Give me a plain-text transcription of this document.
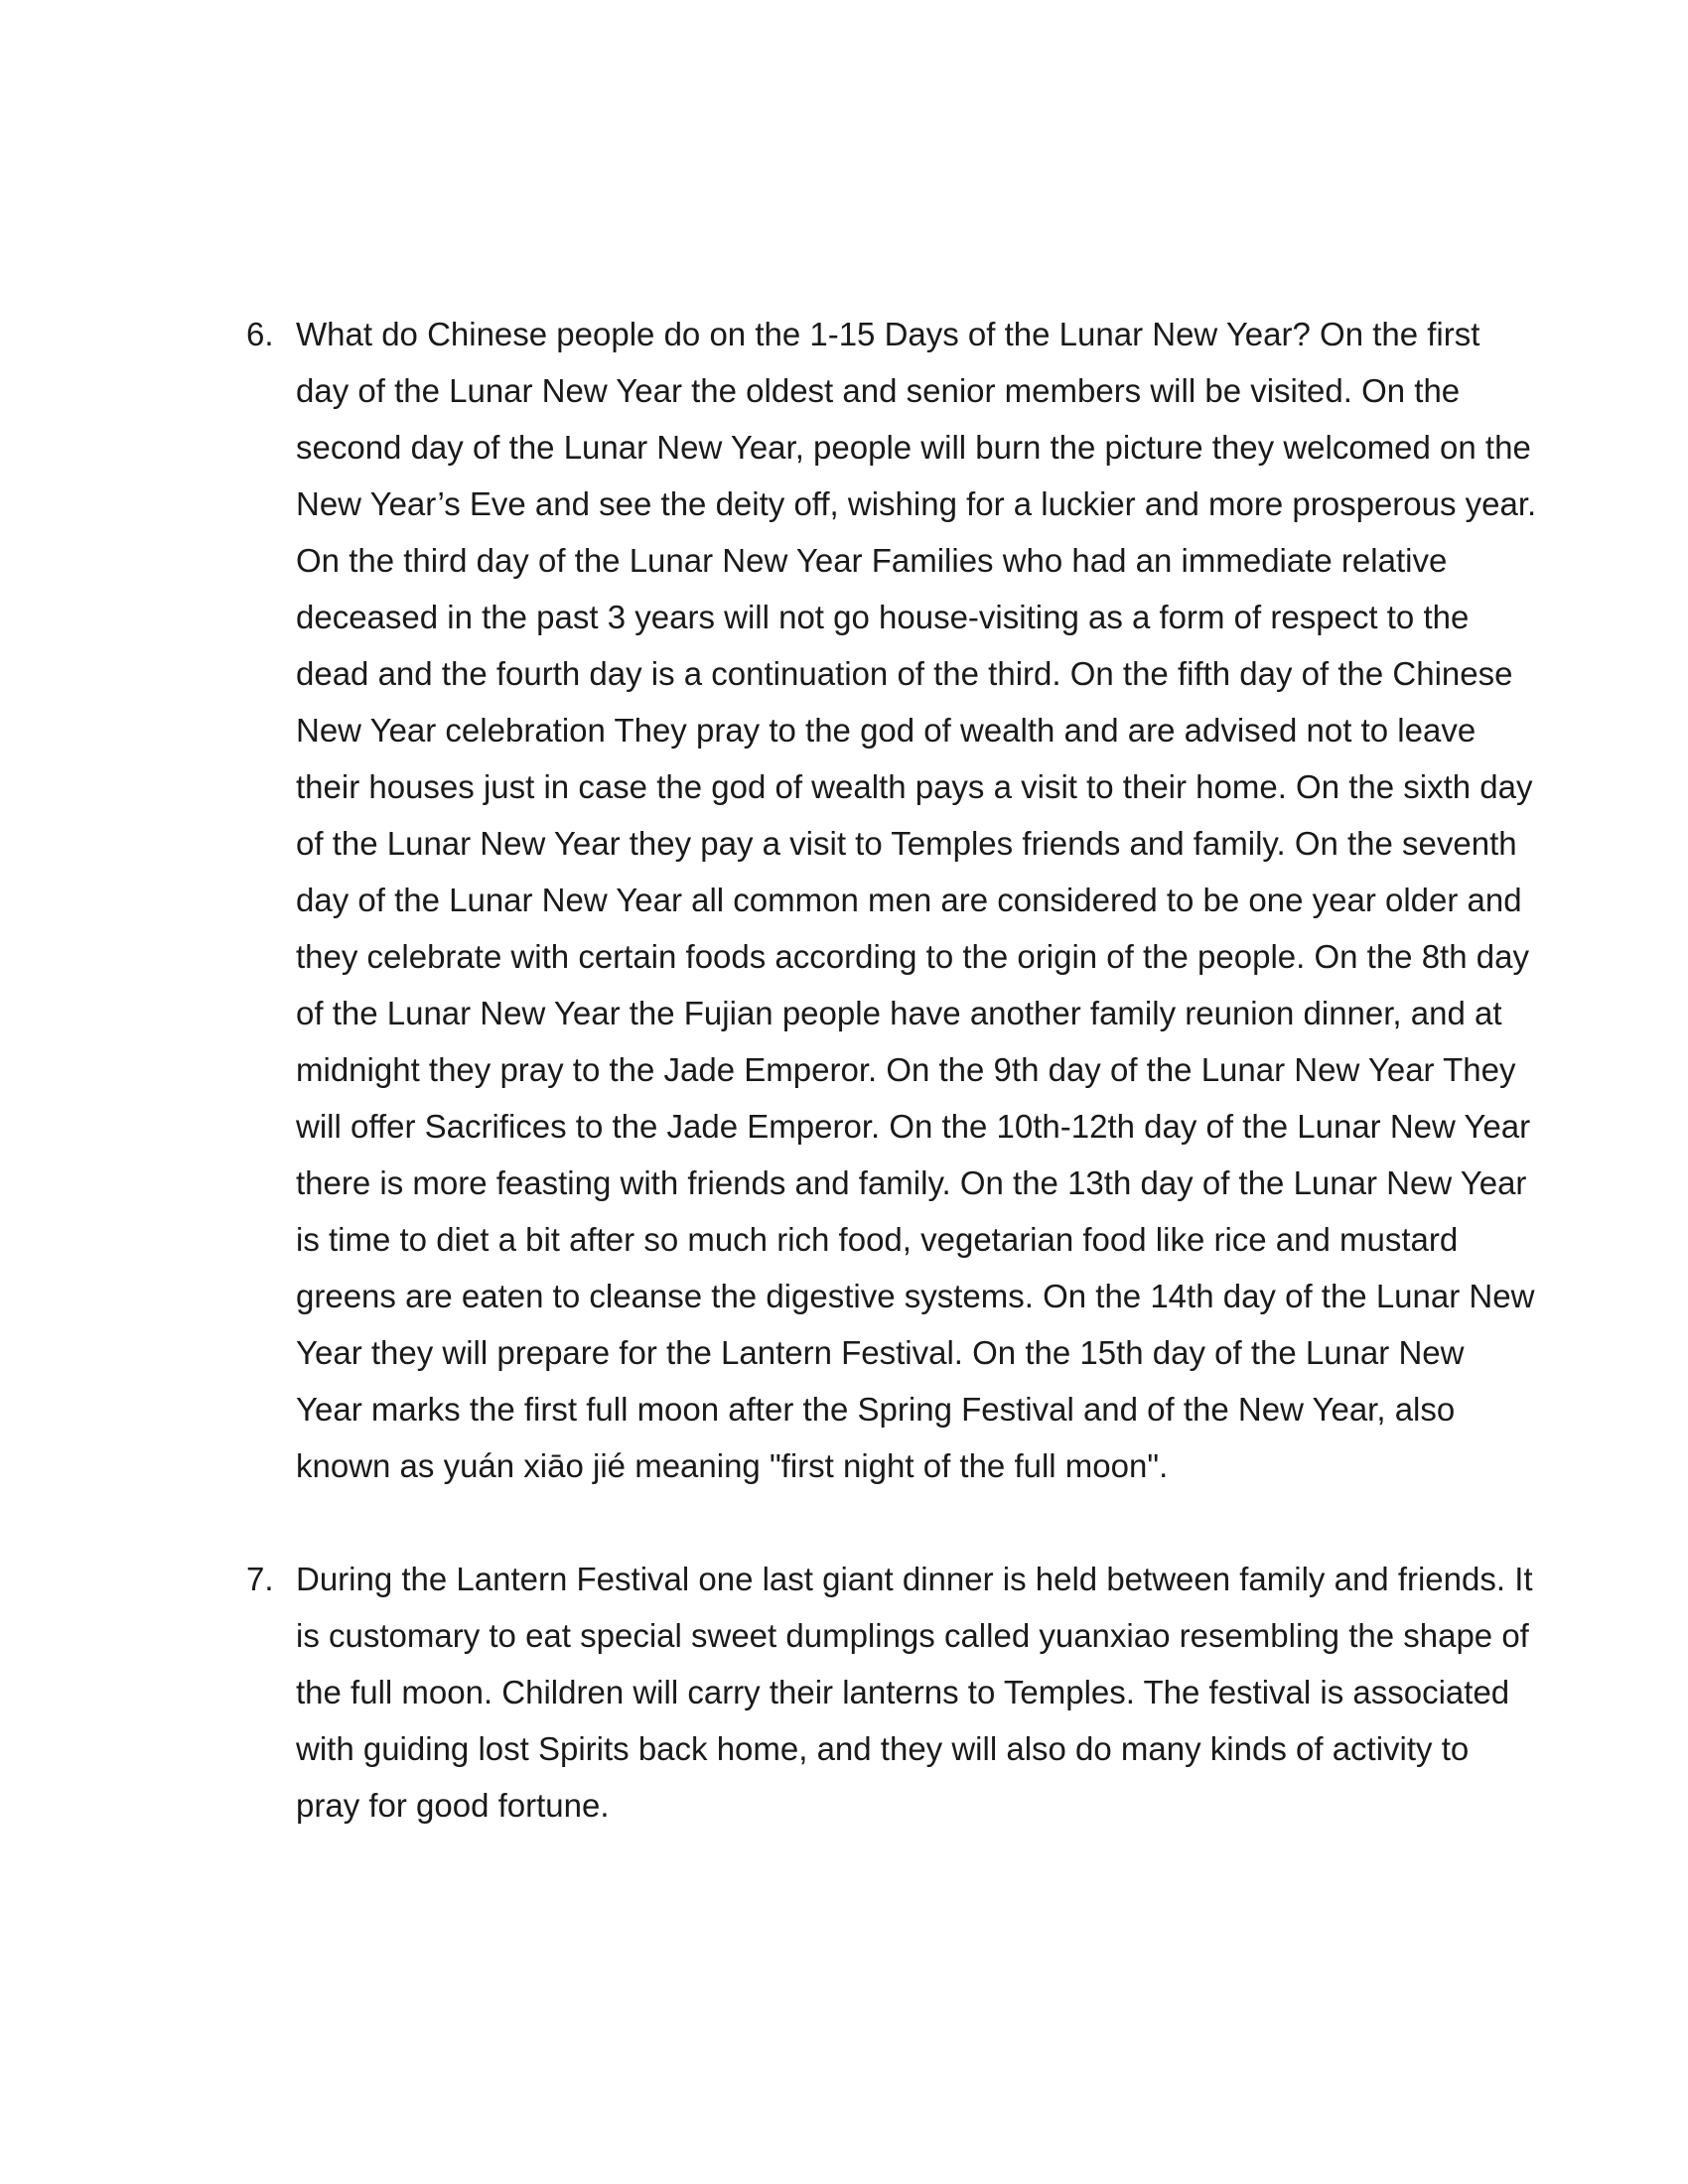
6. What do Chinese people do on the 1-15 Days of the Lunar New Year? On the first day of the Lunar New Year the oldest and senior members will be visited. On the second day of the Lunar New Year, people will burn the picture they welcomed on the New Year’s Eve and see the deity off, wishing for a luckier and more prosperous year. On the third day of the Lunar New Year Families who had an immediate relative deceased in the past 3 years will not go house-visiting as a form of respect to the dead and the fourth day is a continuation of the third. On the fifth day of the Chinese New Year celebration They pray to the god of wealth and are advised not to leave their houses just in case the god of wealth pays a visit to their home. On the sixth day of the Lunar New Year they pay a visit to Temples friends and family. On the seventh day of the Lunar New Year all common men are considered to be one year older and they celebrate with certain foods according to the origin of the people. On the 8th day of the Lunar New Year the Fujian people have another family reunion dinner, and at midnight they pray to the Jade Emperor. On the 9th day of the Lunar New Year They will offer Sacrifices to the Jade Emperor. On the 10th-12th day of the Lunar New Year there is more feasting with friends and family. On the 13th day of the Lunar New Year is time to diet a bit after so much rich food, vegetarian food like rice and mustard greens are eaten to cleanse the digestive systems. On the 14th day of the Lunar New Year they will prepare for the Lantern Festival. On the 15th day of the Lunar New Year marks the first full moon after the Spring Festival and of the New Year, also known as yuán xiāo jié meaning "first night of the full moon".
7. During the Lantern Festival one last giant dinner is held between family and friends. It is customary to eat special sweet dumplings called yuanxiao resembling the shape of the full moon. Children will carry their lanterns to Temples. The festival is associated with guiding lost Spirits back home, and they will also do many kinds of activity to pray for good fortune.
